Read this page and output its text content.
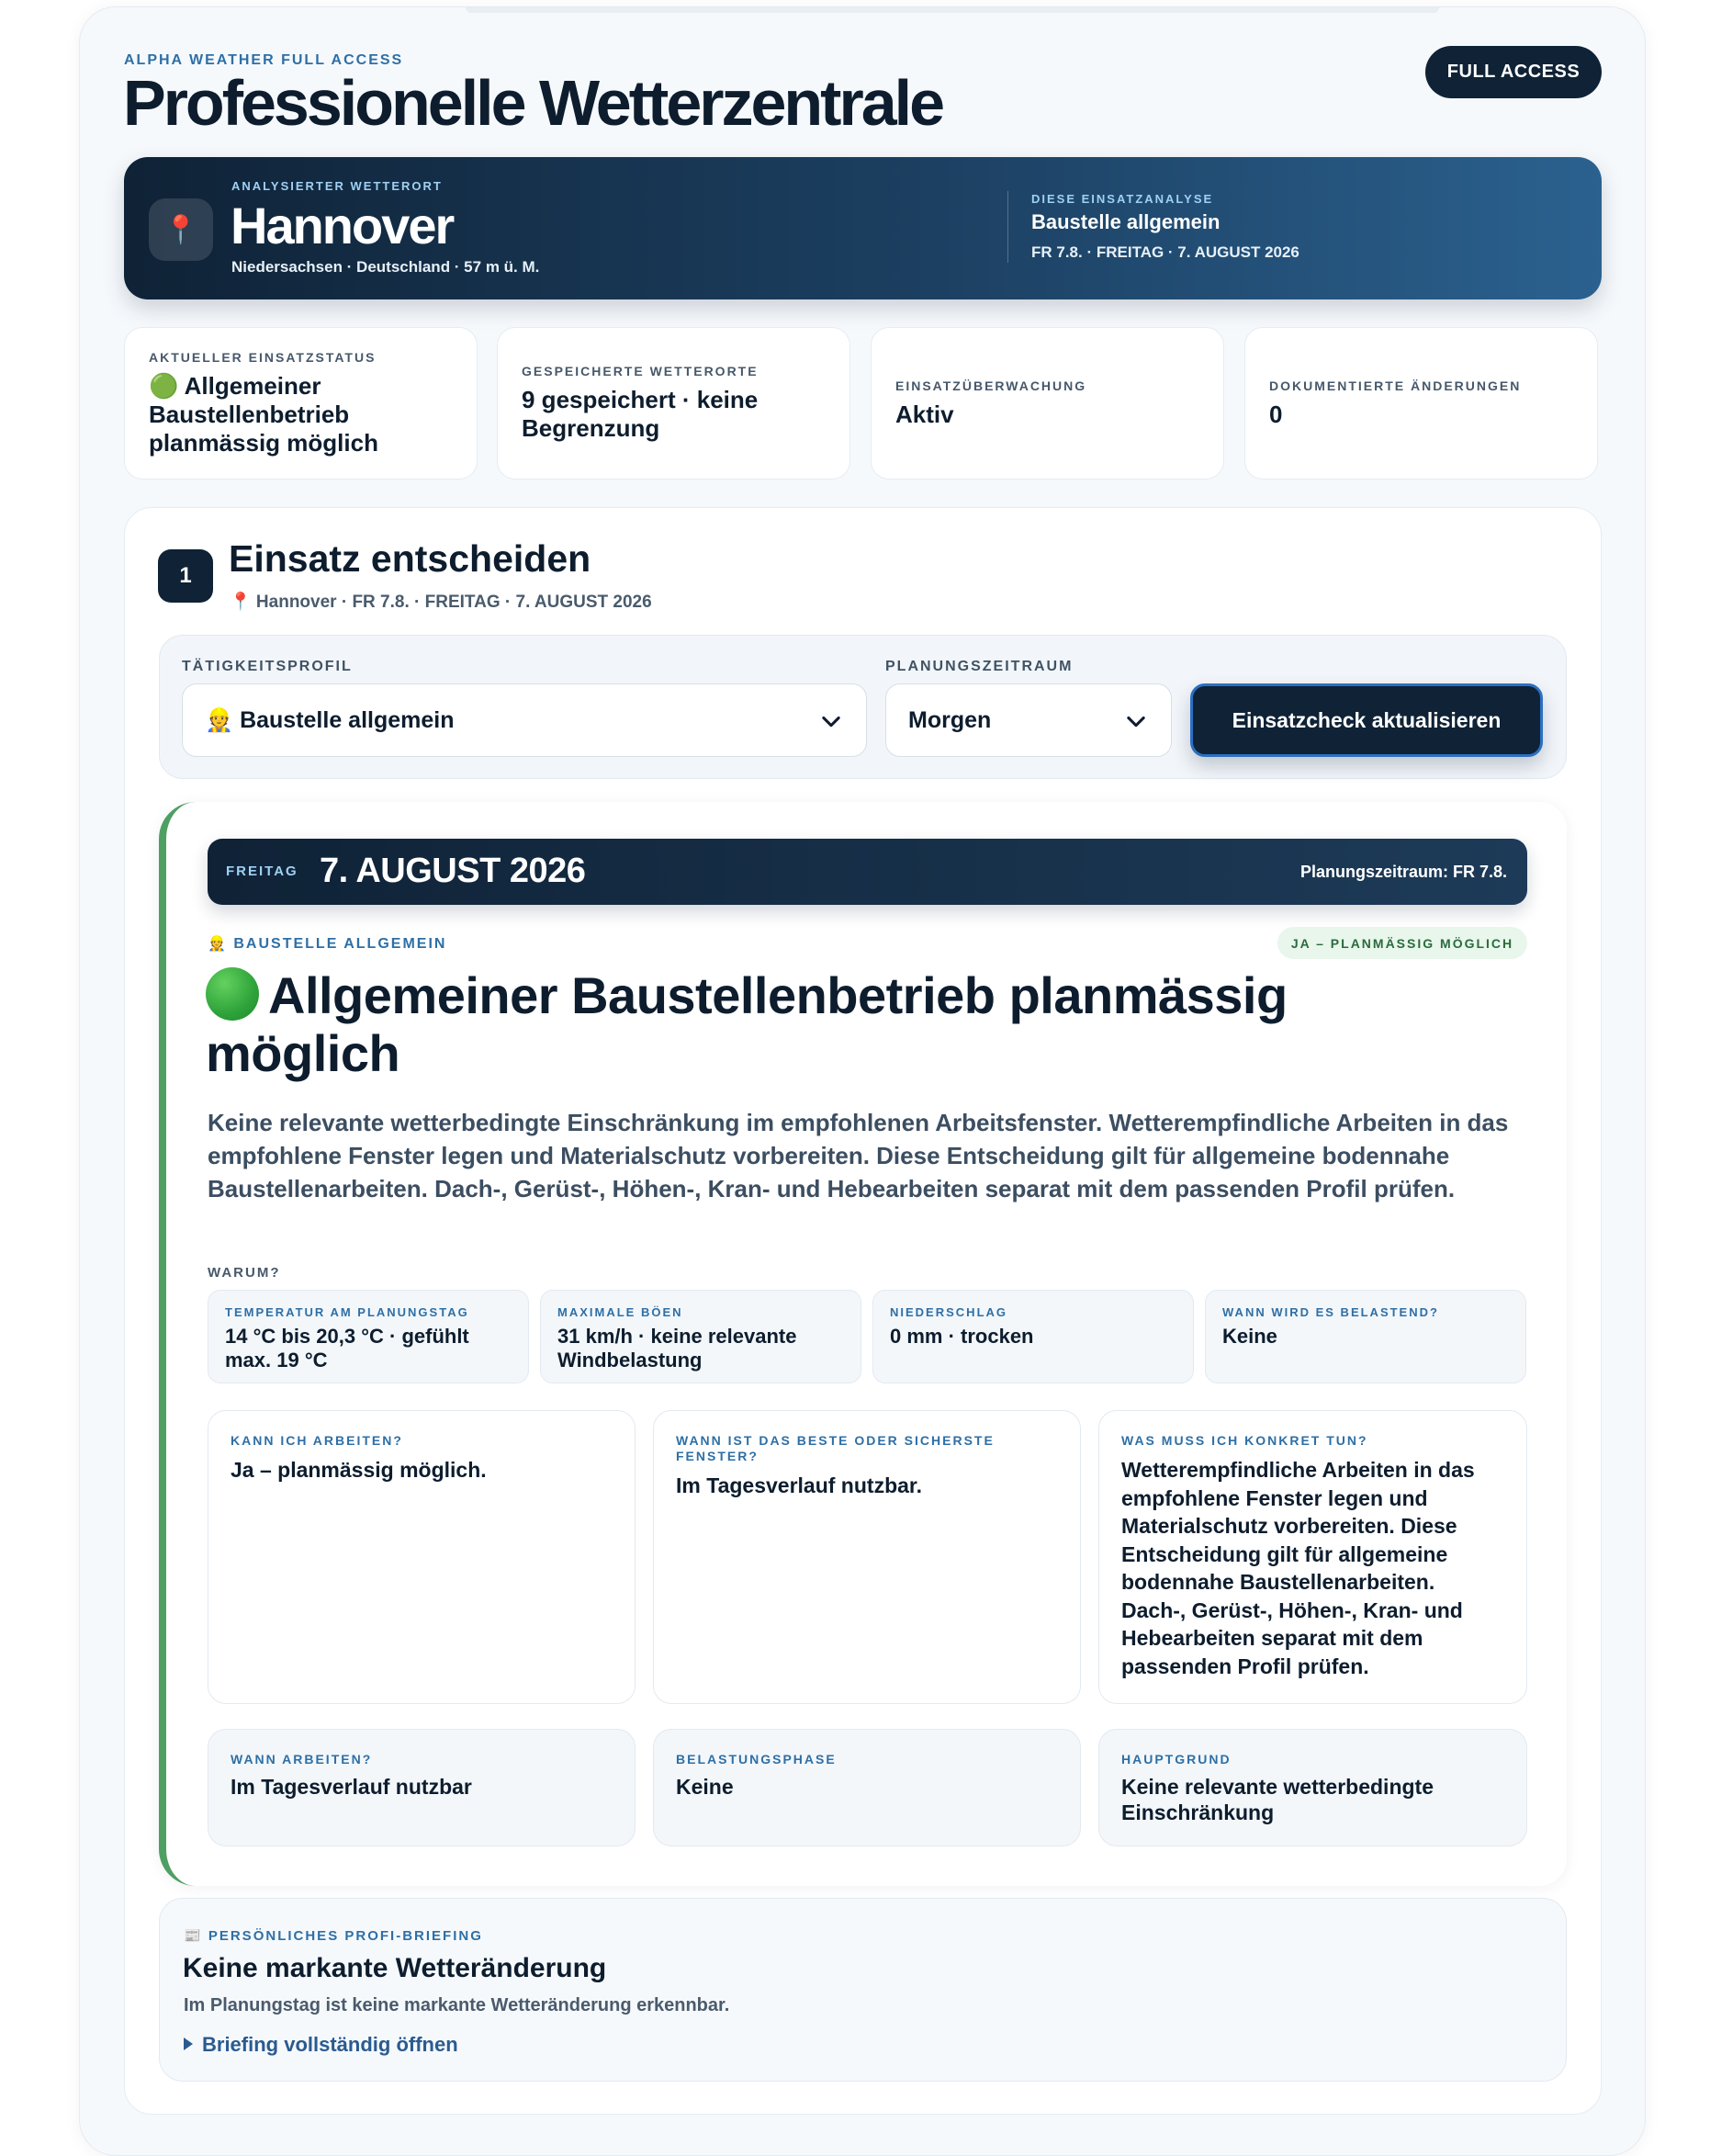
ALPHA WEATHER FULL ACCESS
Professionelle Wetterzentrale	FULL ACCESS
📍
ANALYSIERTER WETTERORT
Hannover
Niedersachsen · Deutschland · 57 m ü. M.
DIESE EINSATZANALYSE
Baustelle allgemein
FR 7.8. · FREITAG · 7. AUGUST 2026
AKTUELLER EINSATZSTATUS
🟢 Allgemeiner Baustellenbetrieb planmässig möglich
GESPEICHERTE WETTERORTE
9 gespeichert · keine Begrenzung
EINSATZÜBERWACHUNG
Aktiv
DOKUMENTIERTE ÄNDERUNGEN
0
1 Einsatz entscheiden
📍 Hannover · FR 7.8. · FREITAG · 7. AUGUST 2026
TÄTIGKEITSPROFIL
👷 Baustelle allgemein
PLANUNGSZEITRAUM
Morgen	Einsatzcheck aktualisieren
FREITAG 7. AUGUST 2026	Planungszeitraum: FR 7.8.
👷 BAUSTELLE ALLGEMEIN	JA – PLANMÄSSIG MÖGLICH
Allgemeiner Baustellenbetrieb planmässig möglich
Keine relevante wetterbedingte Einschränkung im empfohlenen Arbeitsfenster. Wetterempfindliche Arbeiten in das empfohlene Fenster legen und Materialschutz vorbereiten. Diese Entscheidung gilt für allgemeine bodennahe Baustellenarbeiten. Dach-, Gerüst-, Höhen-, Kran- und Hebearbeiten separat mit dem passenden Profil prüfen.
WARUM?
TEMPERATUR AM PLANUNGSTAG
14 °C bis 20,3 °C · gefühlt max. 19 °C
MAXIMALE BÖEN
31 km/h · keine relevante Windbelastung
NIEDERSCHLAG
0 mm · trocken
WANN WIRD ES BELASTEND?
Keine
KANN ICH ARBEITEN?
Ja – planmässig möglich.
WANN IST DAS BESTE ODER SICHERSTE FENSTER?
Im Tagesverlauf nutzbar.
WAS MUSS ICH KONKRET TUN?
Wetterempfindliche Arbeiten in das empfohlene Fenster legen und Materialschutz vorbereiten. Diese Entscheidung gilt für allgemeine bodennahe Baustellenarbeiten. Dach-, Gerüst-, Höhen-, Kran- und Hebearbeiten separat mit dem passenden Profil prüfen.
WANN ARBEITEN?
Im Tagesverlauf nutzbar
BELASTUNGSPHASE
Keine
HAUPTGRUND
Keine relevante wetterbedingte Einschränkung
📰 PERSÖNLICHES PROFI-BRIEFING
Keine markante Wetteränderung
Im Planungstag ist keine markante Wetteränderung erkennbar.
Briefing vollständig öffnen
